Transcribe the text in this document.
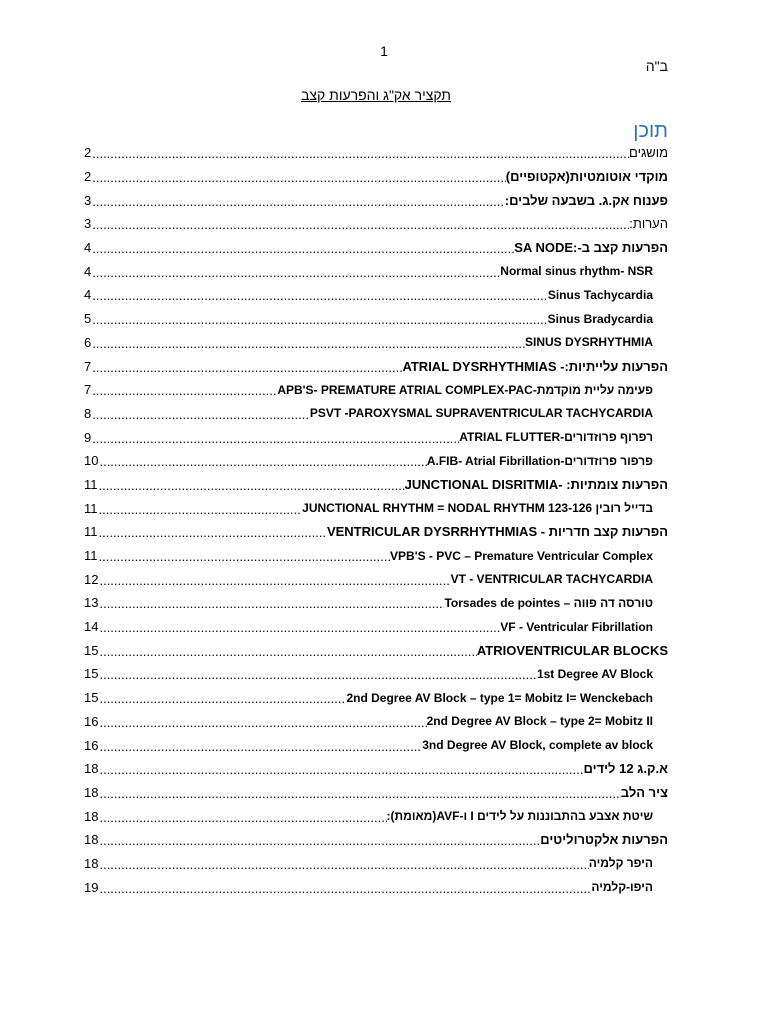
1
ב"ה
תקציר אק"ג והפרעות קצב
תוכן
2 .....	מושגים
2 .....	מוקדי אוטומטיות(אקטופיים)
3 .....	פענוח אק.ג. בשבעה שלבים:
3 .....	הערות:
4 .....	הפרעות קצב ב-:SA NODE
4 .....	Normal sinus rhythm- NSR
4 .....	Sinus Tachycardia
5 .....	Sinus Bradycardia
6 .....	SINUS DYSRHYTHMIA
7 .....	הפרעות עלייתיות:- ATRIAL DYSRHYTHMIAS
7 .....	פעימה עליית מוקדמת-APB'S- PREMATURE ATRIAL COMPLEX-PAC
8 .....	PSVT -PAROXYSMAL SUPRAVENTRICULAR TACHYCARDIA
9 .....	רפרוף פרוזדורים-ATRIAL FLUTTER
10 .....	פרפור פרוזדורים-A.FIB- Atrial Fibrillation
11 .....	הפרעות צומתיות: -JUNCTIONAL DISRITMIA
11 .....	JUNCTIONAL RHYTHM = NODAL RHYTHM 123-126 בדייל רובין
11 .....	הפרעות קצב חדריות - VENTRICULAR DYSRRHYTHMIAS
11 .....	VPB'S - PVC – Premature Ventricular Complex
12 .....	VT - VENTRICULAR TACHYCARDIA
13 .....	טורסה דה פווה – Torsades de pointes
14 .....	VF - Ventricular Fibrillation
15 .....	ATRIOVENTRICULAR BLOCKS
15 .....	1st Degree AV Block
15 .....	2nd Degree AV Block – type 1= Mobitz I= Wenckebach
16 .....	2nd Degree AV Block – type 2= Mobitz II
16 .....	3nd Degree AV Block, complete av block
18 .....	א.ק.ג 12 לידים
18 .....	ציר הלב
18 .....	שיטת אצבע בהתבוננות על לידים I ו-AVF(מאומת):
18 .....	הפרעות אלקטרוליטים
18 .....	היפר קלמיה
19 .....	היפו-קלמיה
